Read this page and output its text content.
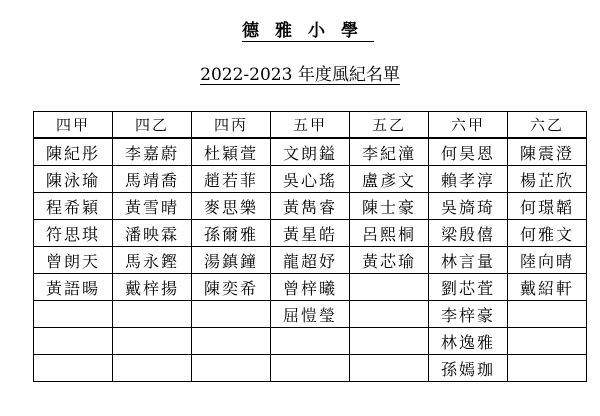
德雅小學
2022-2023 年度風紀名單
四甲	四乙	四丙	五甲	五乙	六甲	六乙
陳紀彤	李嘉蔚	杜穎萱	文朗鎰	李紀潼	何昊恩	陳震澄
陳泳瑜	馬靖喬	趙若菲	吳心瑤	盧彥文	賴孝淳	楊芷欣
程希穎	黃雪晴	麥思樂	黃雋睿	陳士豪	吳旖琦	何璟韜
符思琪	潘映霖	孫爾雅	黃星皓	呂熙桐	梁殷僖	何雅文
曾朗天	馬永鏗	湯鎮鐘	龍超妤	黃芯瑜	林言量	陸向晴
黃語暘	戴梓揚	陳奕希	曾梓曦		劉芯萓	戴紹軒
			屈愷瑩		李梓豪	
					林逸雅	
					孫嫣珈	
